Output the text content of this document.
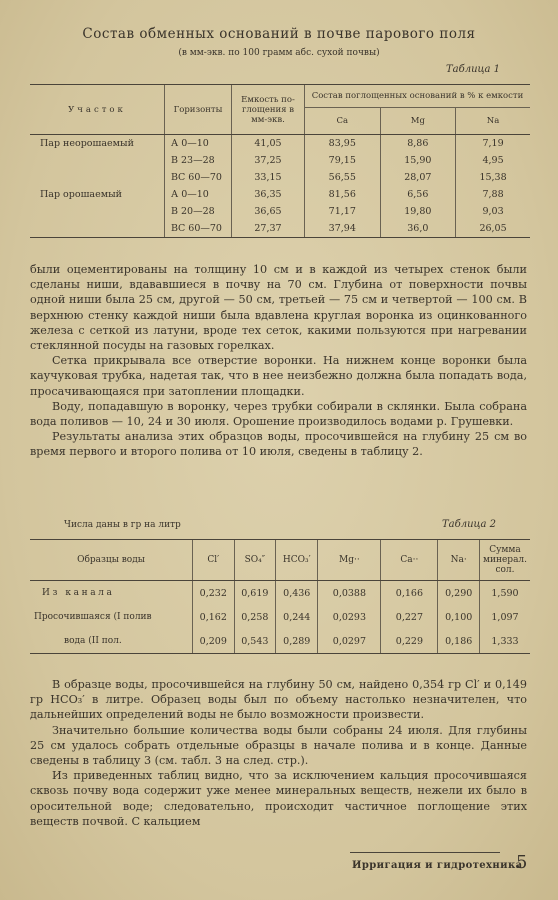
Состав обменных оснований в почве парового поля
(в мм-экв. по 100 грамм абс. сухой почвы)
Таблица 1
Участок	Горизонты	Емкость по- глощения в мм-экв.	Состав поглощенных оснований в % к емкости		
			Ca	Mg	Na
Пар неорошаемый	А 0—10	41,05	83,95	8,86	7,19
	В 23—28	37,25	79,15	15,90	4,95
	ВС 60—70	33,15	56,55	28,07	15,38
Пар орошаемый	А 0—10	36,35	81,56	6,56	7,88
	В 20—28	36,65	71,17	19,80	9,03
	ВС 60—70	27,37	37,94	36,0	26,05

были оцементированы на толщину 10 см и в каждой из четырех стенок были сделаны ниши, вдававшиеся в почву на 70 см. Глубина от поверхности почвы одной ниши была 25 см, другой — 50 см, третьей — 75 см и четвертой — 100 см. В верхнюю стенку каждой ниши была вдавлена круглая воронка из оцинкованного железа с сеткой из латуни, вроде тех сеток, какими пользуются при нагревании стеклянной посуды на газовых горелках.

Сетка прикрывала все отверстие воронки. На нижнем конце воронки была каучуковая трубка, надетая так, что в нее неизбежно должна была попадать вода, просачивающаяся при затоплении площадки.

Воду, попадавшую в воронку, через трубки собирали в склянки. Была собрана вода поливов — 10, 24 и 30 июля. Орошение производилось водами р. Грушевки.

Результаты анализа этих образцов воды, просочившейся на глубину 25 см во время первого и второго полива от 10 июля, сведены в таблицу 2.

Числа даны в гр на литр	Таблица 2
Образцы воды	Cl′	SO₄″	HCO₃′	Mg··	Ca··	Na·	Сумма минерал. сол.
Из канала	0,232	0,619	0,436	0,0388	0,166	0,290	1,590
Просочившаяся (I полив	0,162	0,258	0,244	0,0293	0,227	0,100	1,097
вода (II пол.	0,209	0,543	0,289	0,0297	0,229	0,186	1,333

В образце воды, просочившейся на глубину 50 см, найдено 0,354 гр Cl′ и 0,149 гр HCO₃′ в литре. Образец воды был по объему настолько незначителен, что дальнейших определений воды не было возможности произвести.

Значительно большие количества воды были собраны 24 июля. Для глубины 25 см удалось собрать отдельные образцы в начале полива и в конце. Данные сведены в таблицу 3 (см. табл. 3 на след. стр.).

Из приведенных таблиц видно, что за исключением кальция просочившаяся сквозь почву вода содержит уже менее минеральных веществ, нежели их было в оросительной воде; следовательно, происходит частичное поглощение этих веществ почвой. С кальцием

Ирригация и гидротехника
5
